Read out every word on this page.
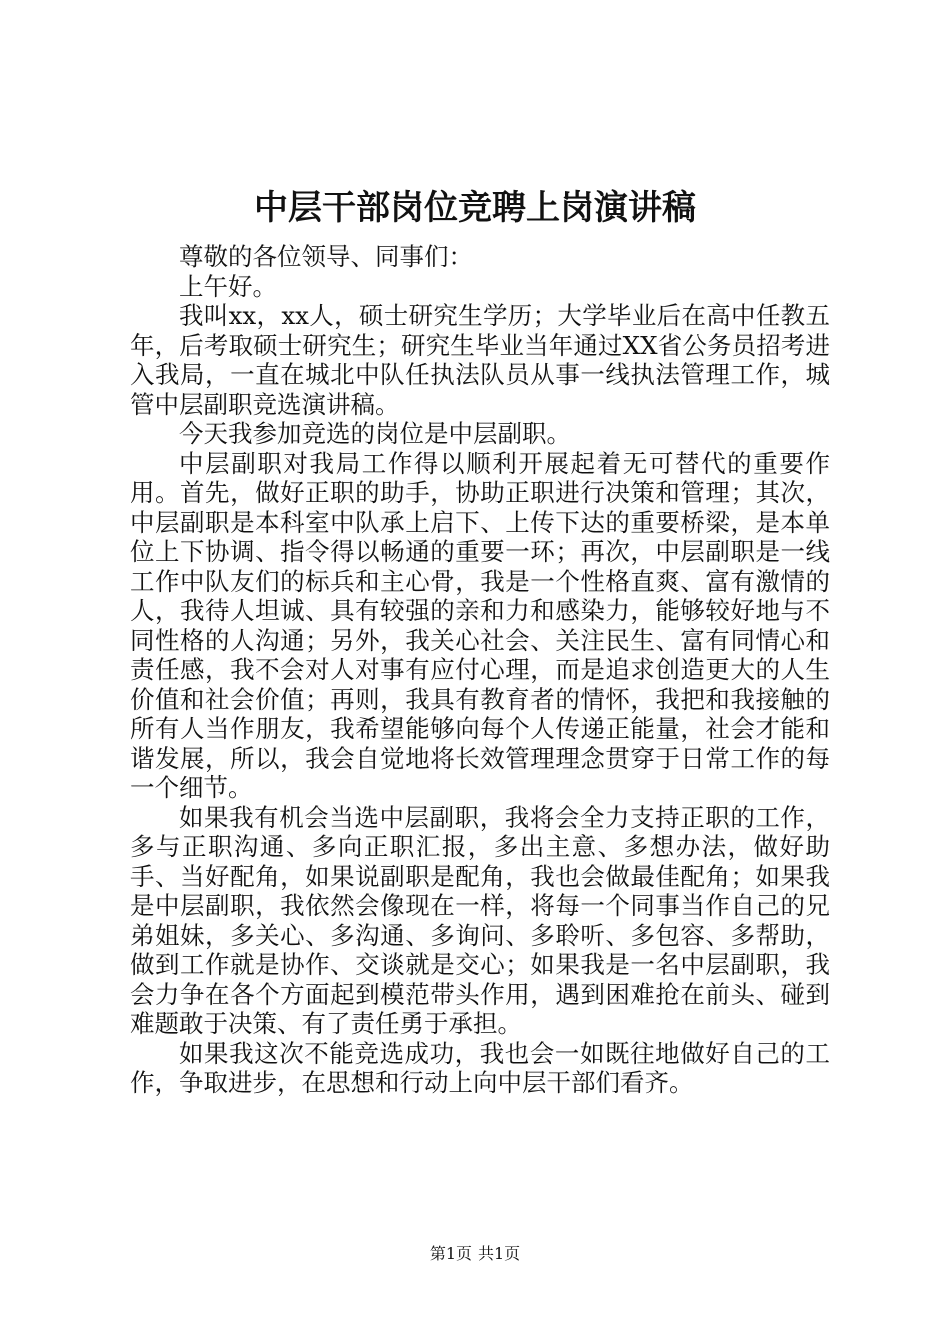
中层干部岗位竞聘上岗演讲稿

尊敬的各位领导、同事们：

上午好。

我叫xx，xx人，硕士研究生学历；大学毕业后在高中任教五年，后考取硕士研究生；研究生毕业当年通过XX省公务员招考进入我局，一直在城北中队任执法队员从事一线执法管理工作，城管中层副职竞选演讲稿。

今天我参加竞选的岗位是中层副职。

中层副职对我局工作得以顺利开展起着无可替代的重要作用。首先，做好正职的助手，协助正职进行决策和管理；其次，中层副职是本科室中队承上启下、上传下达的重要桥梁，是本单位上下协调、指令得以畅通的重要一环；再次，中层副职是一线工作中队友们的标兵和主心骨，我是一个性格直爽、富有激情的人，我待人坦诚、具有较强的亲和力和感染力，能够较好地与不同性格的人沟通；另外，我关心社会、关注民生、富有同情心和责任感，我不会对人对事有应付心理，而是追求创造更大的人生价值和社会价值；再则，我具有教育者的情怀，我把和我接触的所有人当作朋友，我希望能够向每个人传递正能量，社会才能和谐发展，所以，我会自觉地将长效管理理念贯穿于日常工作的每一个细节。

如果我有机会当选中层副职，我将会全力支持正职的工作，多与正职沟通、多向正职汇报，多出主意、多想办法，做好助手、当好配角，如果说副职是配角，我也会做最佳配角；如果我是中层副职，我依然会像现在一样，将每一个同事当作自己的兄弟姐妹，多关心、多沟通、多询问、多聆听、多包容、多帮助，做到工作就是协作、交谈就是交心；如果我是一名中层副职，我会力争在各个方面起到模范带头作用，遇到困难抢在前头、碰到难题敢于决策、有了责任勇于承担。

如果我这次不能竞选成功，我也会一如既往地做好自己的工作，争取进步，在思想和行动上向中层干部们看齐。

第1页 共1页
